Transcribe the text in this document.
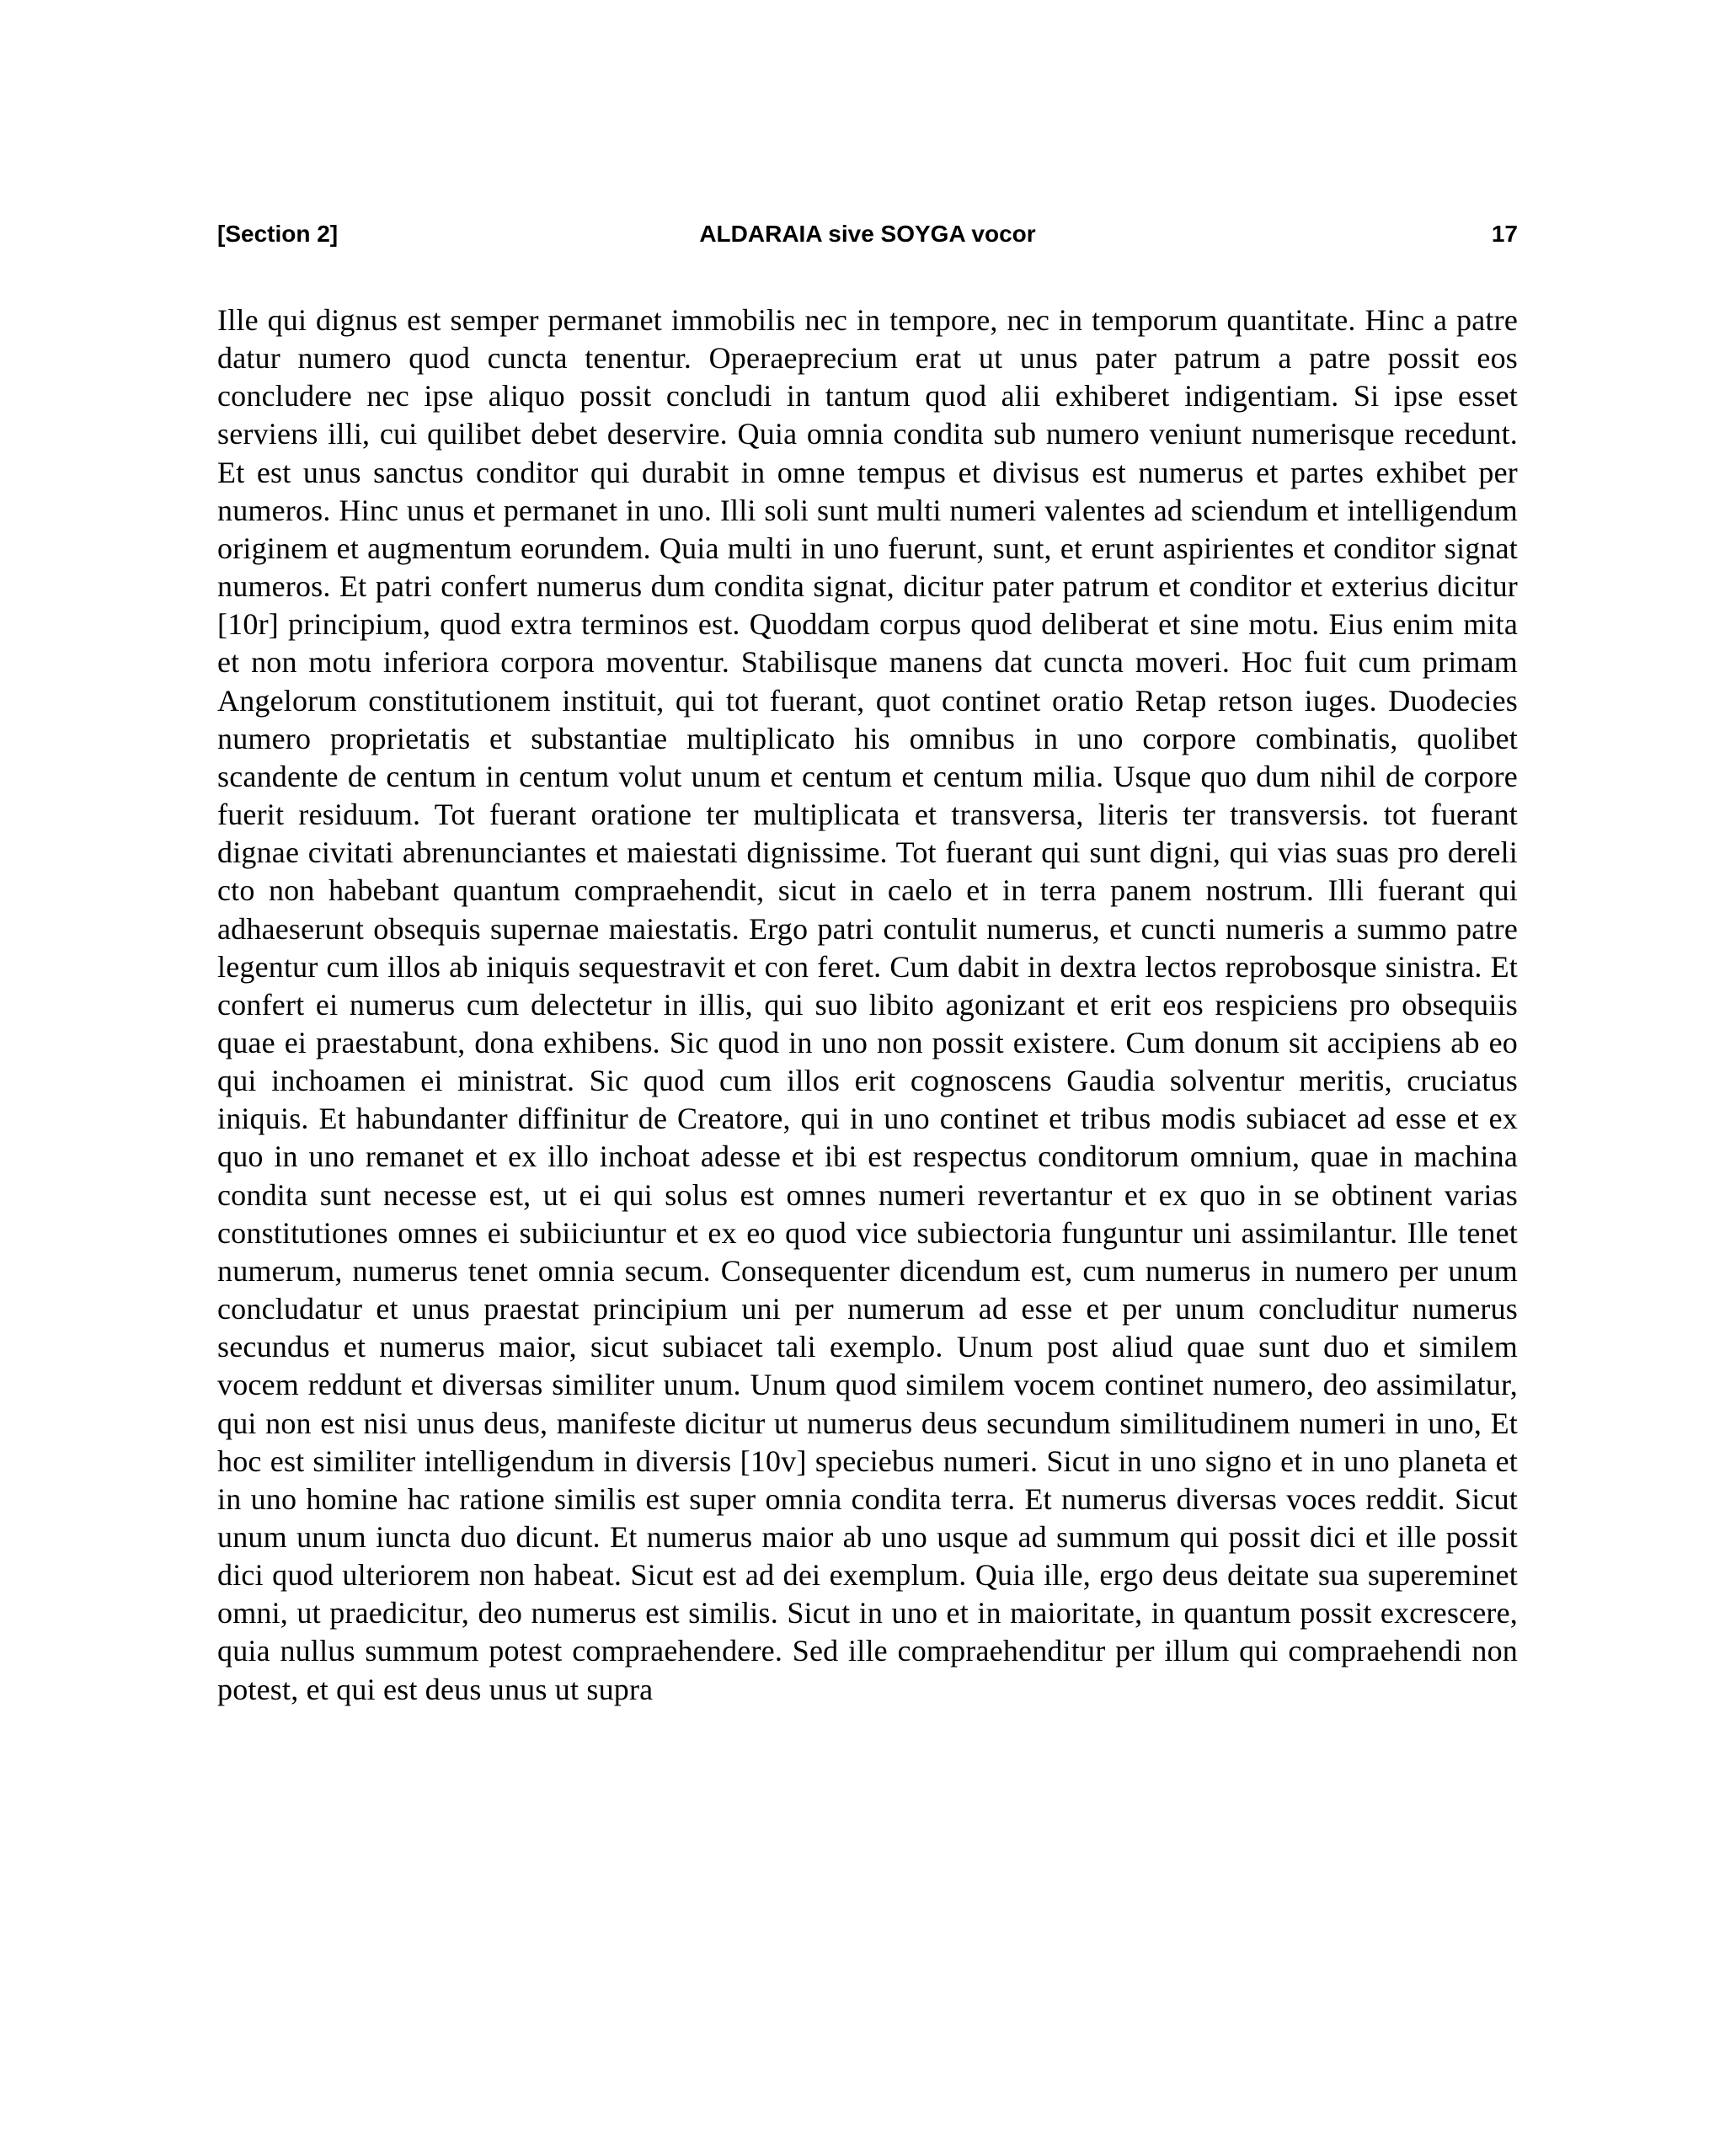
[Section 2]	ALDARAIA sive SOYGA vocor	17

Ille qui dignus est semper permanet immobilis nec in tempore, nec in temporum quantitate. Hinc a patre datur numero quod cuncta tenentur. Operaeprecium erat ut unus pater patrum a patre possit eos concludere nec ipse aliquo possit concludi in tantum quod alii exhiberet indigentiam. Si ipse esset serviens illi, cui quilibet debet deservire. Quia omnia condita sub numero veniunt numerisque recedunt. Et est unus sanctus conditor qui durabit in omne tempus et divisus est numerus et partes exhibet per numeros. Hinc unus et permanet in uno. Illi soli sunt multi numeri valentes ad sciendum et intelligendum originem et augmentum eorundem. Quia multi in uno fuerunt, sunt, et erunt aspirientes et conditor signat numeros. Et patri confert numerus dum condita signat, dicitur pater patrum et conditor et exterius dicitur [10r] principium, quod extra terminos est. Quoddam corpus quod deliberat et sine motu. Eius enim mita et non motu inferiora corpora moventur. Stabilisque manens dat cuncta moveri. Hoc fuit cum primam Angelorum constitutionem instituit, qui tot fuerant, quot continet oratio Retap retson iuges. Duodecies numero proprietatis et substantiae multiplicato his omnibus in uno corpore combinatis, quolibet scandente de centum in centum volut unum et centum et centum milia. Usque quo dum nihil de corpore fuerit residuum. Tot fuerant oratione ter multiplicata et transversa, literis ter transversis. tot fuerant dignae civitati abrenunciantes et maiestati dignissime. Tot fuerant qui sunt digni, qui vias suas pro dereli cto non habebant quantum compraehendit, sicut in caelo et in terra panem nostrum. Illi fuerant qui adhaeserunt obsequis supernae maiestatis. Ergo patri contulit numerus, et cuncti numeris a summo patre legentur cum illos ab iniquis sequestravit et con feret. Cum dabit in dextra lectos reprobosque sinistra. Et confert ei numerus cum delectetur in illis, qui suo libito agonizant et erit eos respiciens pro obsequiis quae ei praestabunt, dona exhibens. Sic quod in uno non possit existere. Cum donum sit accipiens ab eo qui inchoamen ei ministrat. Sic quod cum illos erit cognoscens Gaudia solventur meritis, cruciatus iniquis. Et habundanter diffinitur de Creatore, qui in uno continet et tribus modis subiacet ad esse et ex quo in uno remanet et ex illo inchoat adesse et ibi est respectus conditorum omnium, quae in machina condita sunt necesse est, ut ei qui solus est omnes numeri revertantur et ex quo in se obtinent varias constitutiones omnes ei subiiciuntur et ex eo quod vice subiectoria funguntur uni assimilantur. Ille tenet numerum, numerus tenet omnia secum. Consequenter dicendum est, cum numerus in numero per unum concludatur et unus praestat principium uni per numerum ad esse et per unum concluditur numerus secundus et numerus maior, sicut subiacet tali exemplo. Unum post aliud quae sunt duo et similem vocem reddunt et diversas similiter unum. Unum quod similem vocem continet numero, deo assimilatur, qui non est nisi unus deus, manifeste dicitur ut numerus deus secundum similitudinem numeri in uno, Et hoc est similiter intelligendum in diversis [10v] speciebus numeri. Sicut in uno signo et in uno planeta et in uno homine hac ratione similis est super omnia condita terra. Et numerus diversas voces reddit. Sicut unum unum iuncta duo dicunt. Et numerus maior ab uno usque ad summum qui possit dici et ille possit dici quod ulteriorem non habeat. Sicut est ad dei exemplum. Quia ille, ergo deus deitate sua supereminet omni, ut praedicitur, deo numerus est similis. Sicut in uno et in maioritate, in quantum possit excrescere, quia nullus summum potest compraehendere. Sed ille compraehenditur per illum qui compraehendi non potest, et qui est deus unus ut supra
